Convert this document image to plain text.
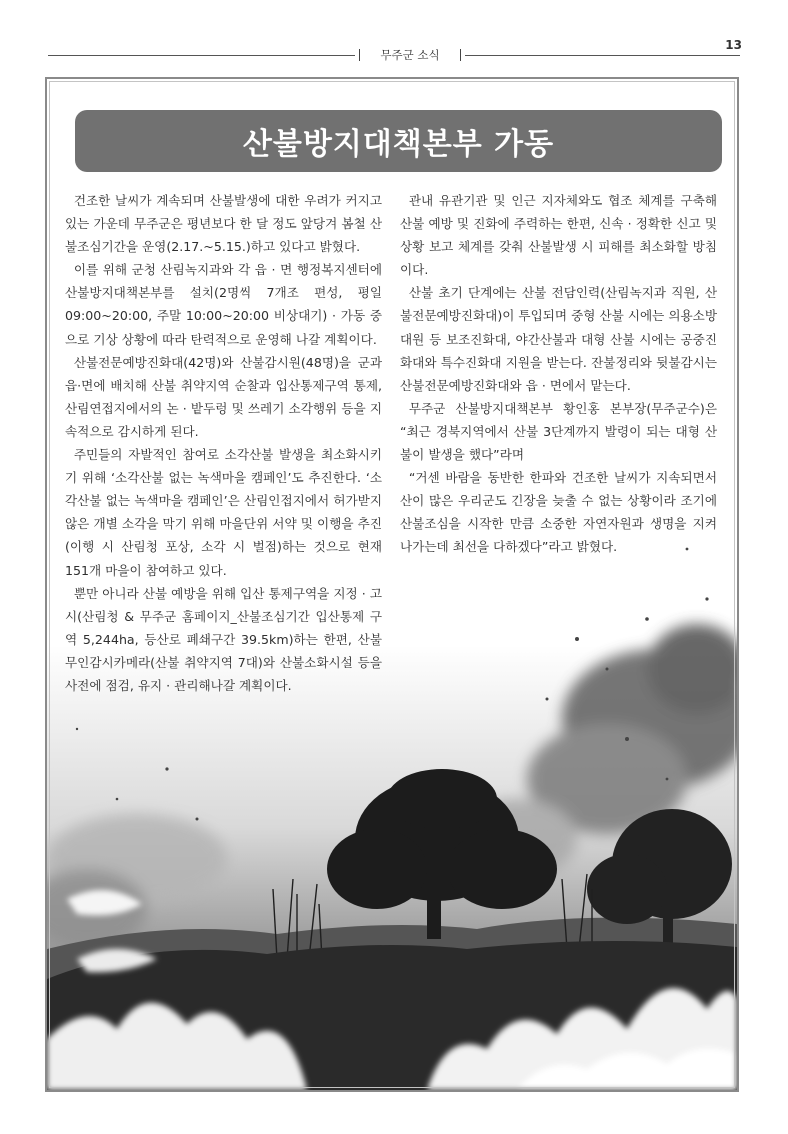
13
무주군 소식
산불방지대책본부 가동

건조한 날씨가 계속되며 산불발생에 대한 우려가 커지고 있는 가운데 무주군은 평년보다 한 달 정도 앞당겨 봄철 산불조심기간을 운영(2.17.~5.15.)하고 있다고 밝혔다.

이를 위해 군청 산림녹지과와 각 읍 · 면 행정복지센터에 산불방지대책본부를 설치(2명씩 7개조 편성, 평일 09:00~20:00, 주말 10:00~20:00 비상대기) · 가동 중으로 기상 상황에 따라 탄력적으로 운영해 나갈 계획이다.

산불전문예방진화대(42명)와 산불감시원(48명)을 군과 읍·면에 배치해 산불 취약지역 순찰과 입산통제구역 통제, 산림연접지에서의 논 · 밭두렁 및 쓰레기 소각행위 등을 지속적으로 감시하게 된다.

주민들의 자발적인 참여로 소각산불 발생을 최소화시키기 위해 ‘소각산불 없는 녹색마을 캠페인’도 추진한다. ‘소각산불 없는 녹색마을 캠페인’은 산림인접지에서 허가받지 않은 개별 소각을 막기 위해 마을단위 서약 및 이행을 추진(이행 시 산림청 포상, 소각 시 벌점)하는 것으로 현재 151개 마을이 참여하고 있다.

뿐만 아니라 산불 예방을 위해 입산 통제구역을 지정 · 고시(산림청 & 무주군 홈페이지_산불조심기간 입산통제 구역 5,244ha, 등산로 폐쇄구간 39.5km)하는 한편, 산불무인감시카메라(산불 취약지역 7대)와 산불소화시설 등을 사전에 점검, 유지 · 관리해나갈 계획이다.

관내 유관기관 및 인근 지자체와도 협조 체계를 구축해 산불 예방 및 진화에 주력하는 한편, 신속 · 정확한 신고 및 상황 보고 체계를 갖춰 산불발생 시 피해를 최소화할 방침이다.

산불 초기 단계에는 산불 전담인력(산림녹지과 직원, 산불전문예방진화대)이 투입되며 중형 산불 시에는 의용소방대원 등 보조진화대, 야간산불과 대형 산불 시에는 공중진화대와 특수진화대 지원을 받는다. 잔불정리와 뒷불감시는 산불전문예방진화대와 읍 · 면에서 맡는다.

무주군 산불방지대책본부 황인홍 본부장(무주군수)은 “최근 경북지역에서 산불 3단계까지 발령이 되는 대형 산불이 발생을 했다”라며

“거센 바람을 동반한 한파와 건조한 날씨가 지속되면서 산이 많은 우리군도 긴장을 늦출 수 없는 상황이라 조기에 산불조심을 시작한 만큼 소중한 자연자원과 생명을 지켜 나가는데 최선을 다하겠다”라고 밝혔다.
